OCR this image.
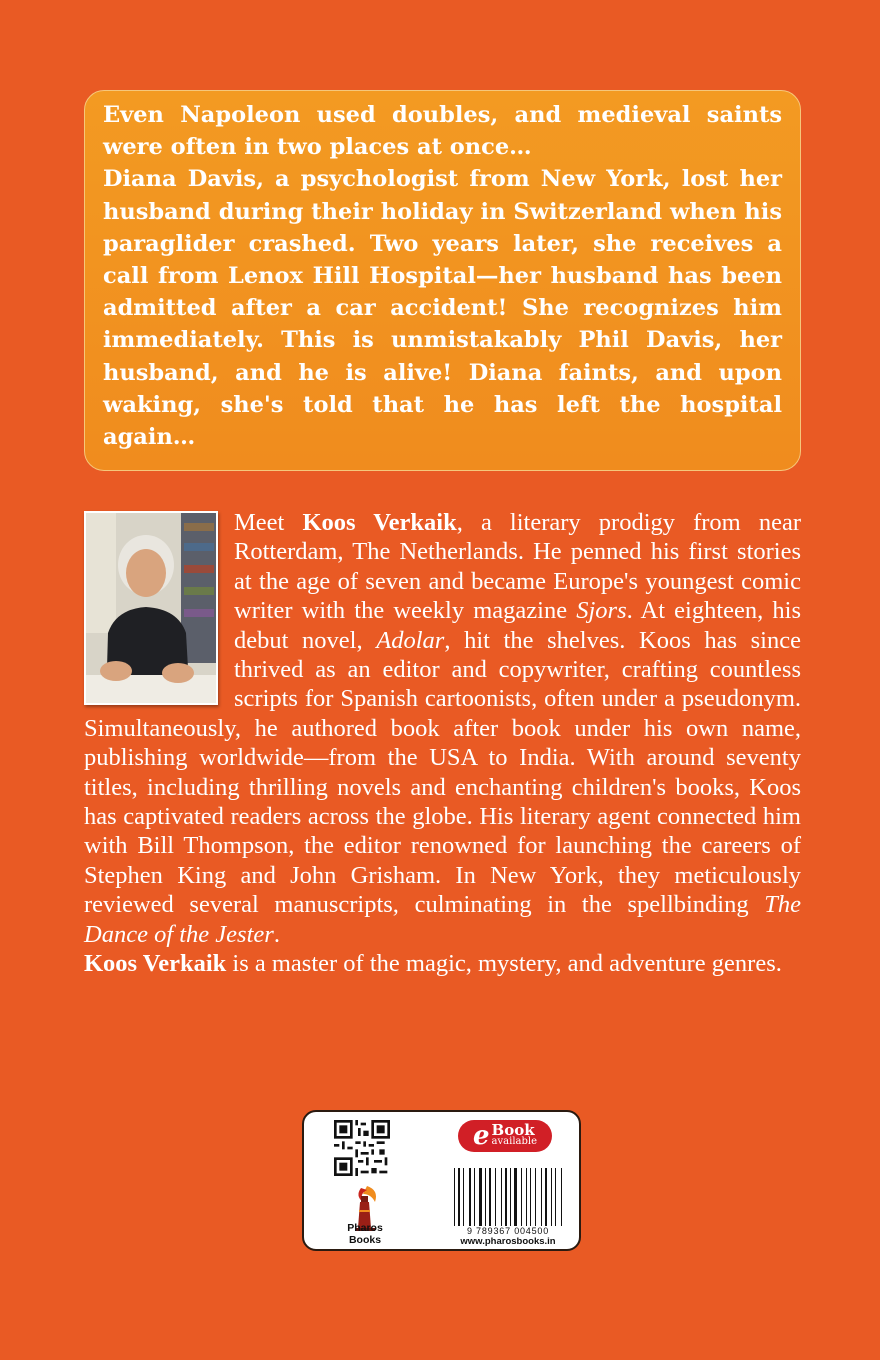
Even Napoleon used doubles, and medieval saints were often in two places at once…

Diana Davis, a psychologist from New York, lost her husband during their holiday in Switzerland when his paraglider crashed. Two years later, she receives a call from Lenox Hill Hospital—her husband has been admitted after a car accident! She recognizes him immediately. This is unmistakably Phil Davis, her husband, and he is alive! Diana faints, and upon waking, she's told that he has left the hospital again…

Meet Koos Verkaik, a literary prodigy from near Rotterdam, The Netherlands. He penned his first stories at the age of seven and became Europe's youngest comic writer with the weekly magazine Sjors. At eighteen, his debut novel, Adolar, hit the shelves. Koos has since thrived as an editor and copywriter, crafting countless scripts for Spanish cartoonists, often under a pseudonym. Simultaneously, he authored book after book under his own name, publishing worldwide—from the USA to India. With around seventy titles, including thrilling novels and enchanting children's books, Koos has captivated readers across the globe. His literary agent connected him with Bill Thompson, the editor renowned for launching the careers of Stephen King and John Grisham. In New York, they meticulously reviewed several manuscripts, culminating in the spellbinding The Dance of the Jester.

Koos Verkaik is a master of the magic, mystery, and adventure genres.

e Book
available
Pharos Books
9 789367 004500
www.pharosbooks.in
